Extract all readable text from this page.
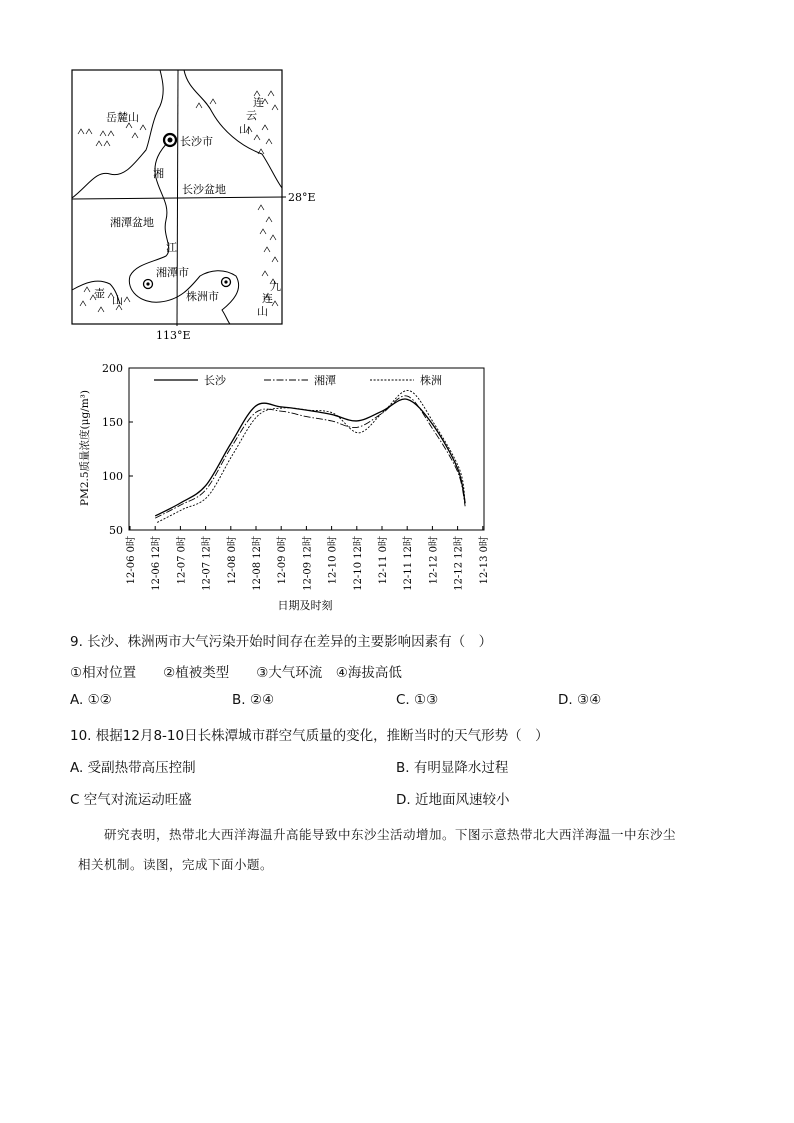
岳麓山
长沙市
湘
长沙盆地
湘潭盆地
江
湘潭市
株洲市
连
云
山
壶
山
九
连
山
28°E
113°E
200
150
100
50
12-06 0时 12-06 12时 12-07 0时 12-07 12时 12-08 0时 12-08 12时 12-09 0时 12-09 12时 12-10 0时 12-10 12时 12-11 0时 12-11 12时 12-12 0时 12-12 12时 12-13 0时
长沙	湘潭	株洲
PM2.5质量浓度(μg/m³)
日期及时刻
9. 长沙、株洲两市大气污染开始时间存在差异的主要影响因素有（　）
①相对位置　　②植被类型　　③大气环流　④海拔高低
A. ①②	B. ②④	C. ①③	D. ③④
10. 根据12月8-10日长株潭城市群空气质量的变化，推断当时的天气形势（　）
A. 受副热带高压控制	B. 有明显降水过程
C 空气对流运动旺盛	D. 近地面风速较小
研究表明，热带北大西洋海温升高能导致中东沙尘活动增加。下图示意热带北大西洋海温一中东沙尘
相关机制。读图，完成下面小题。
